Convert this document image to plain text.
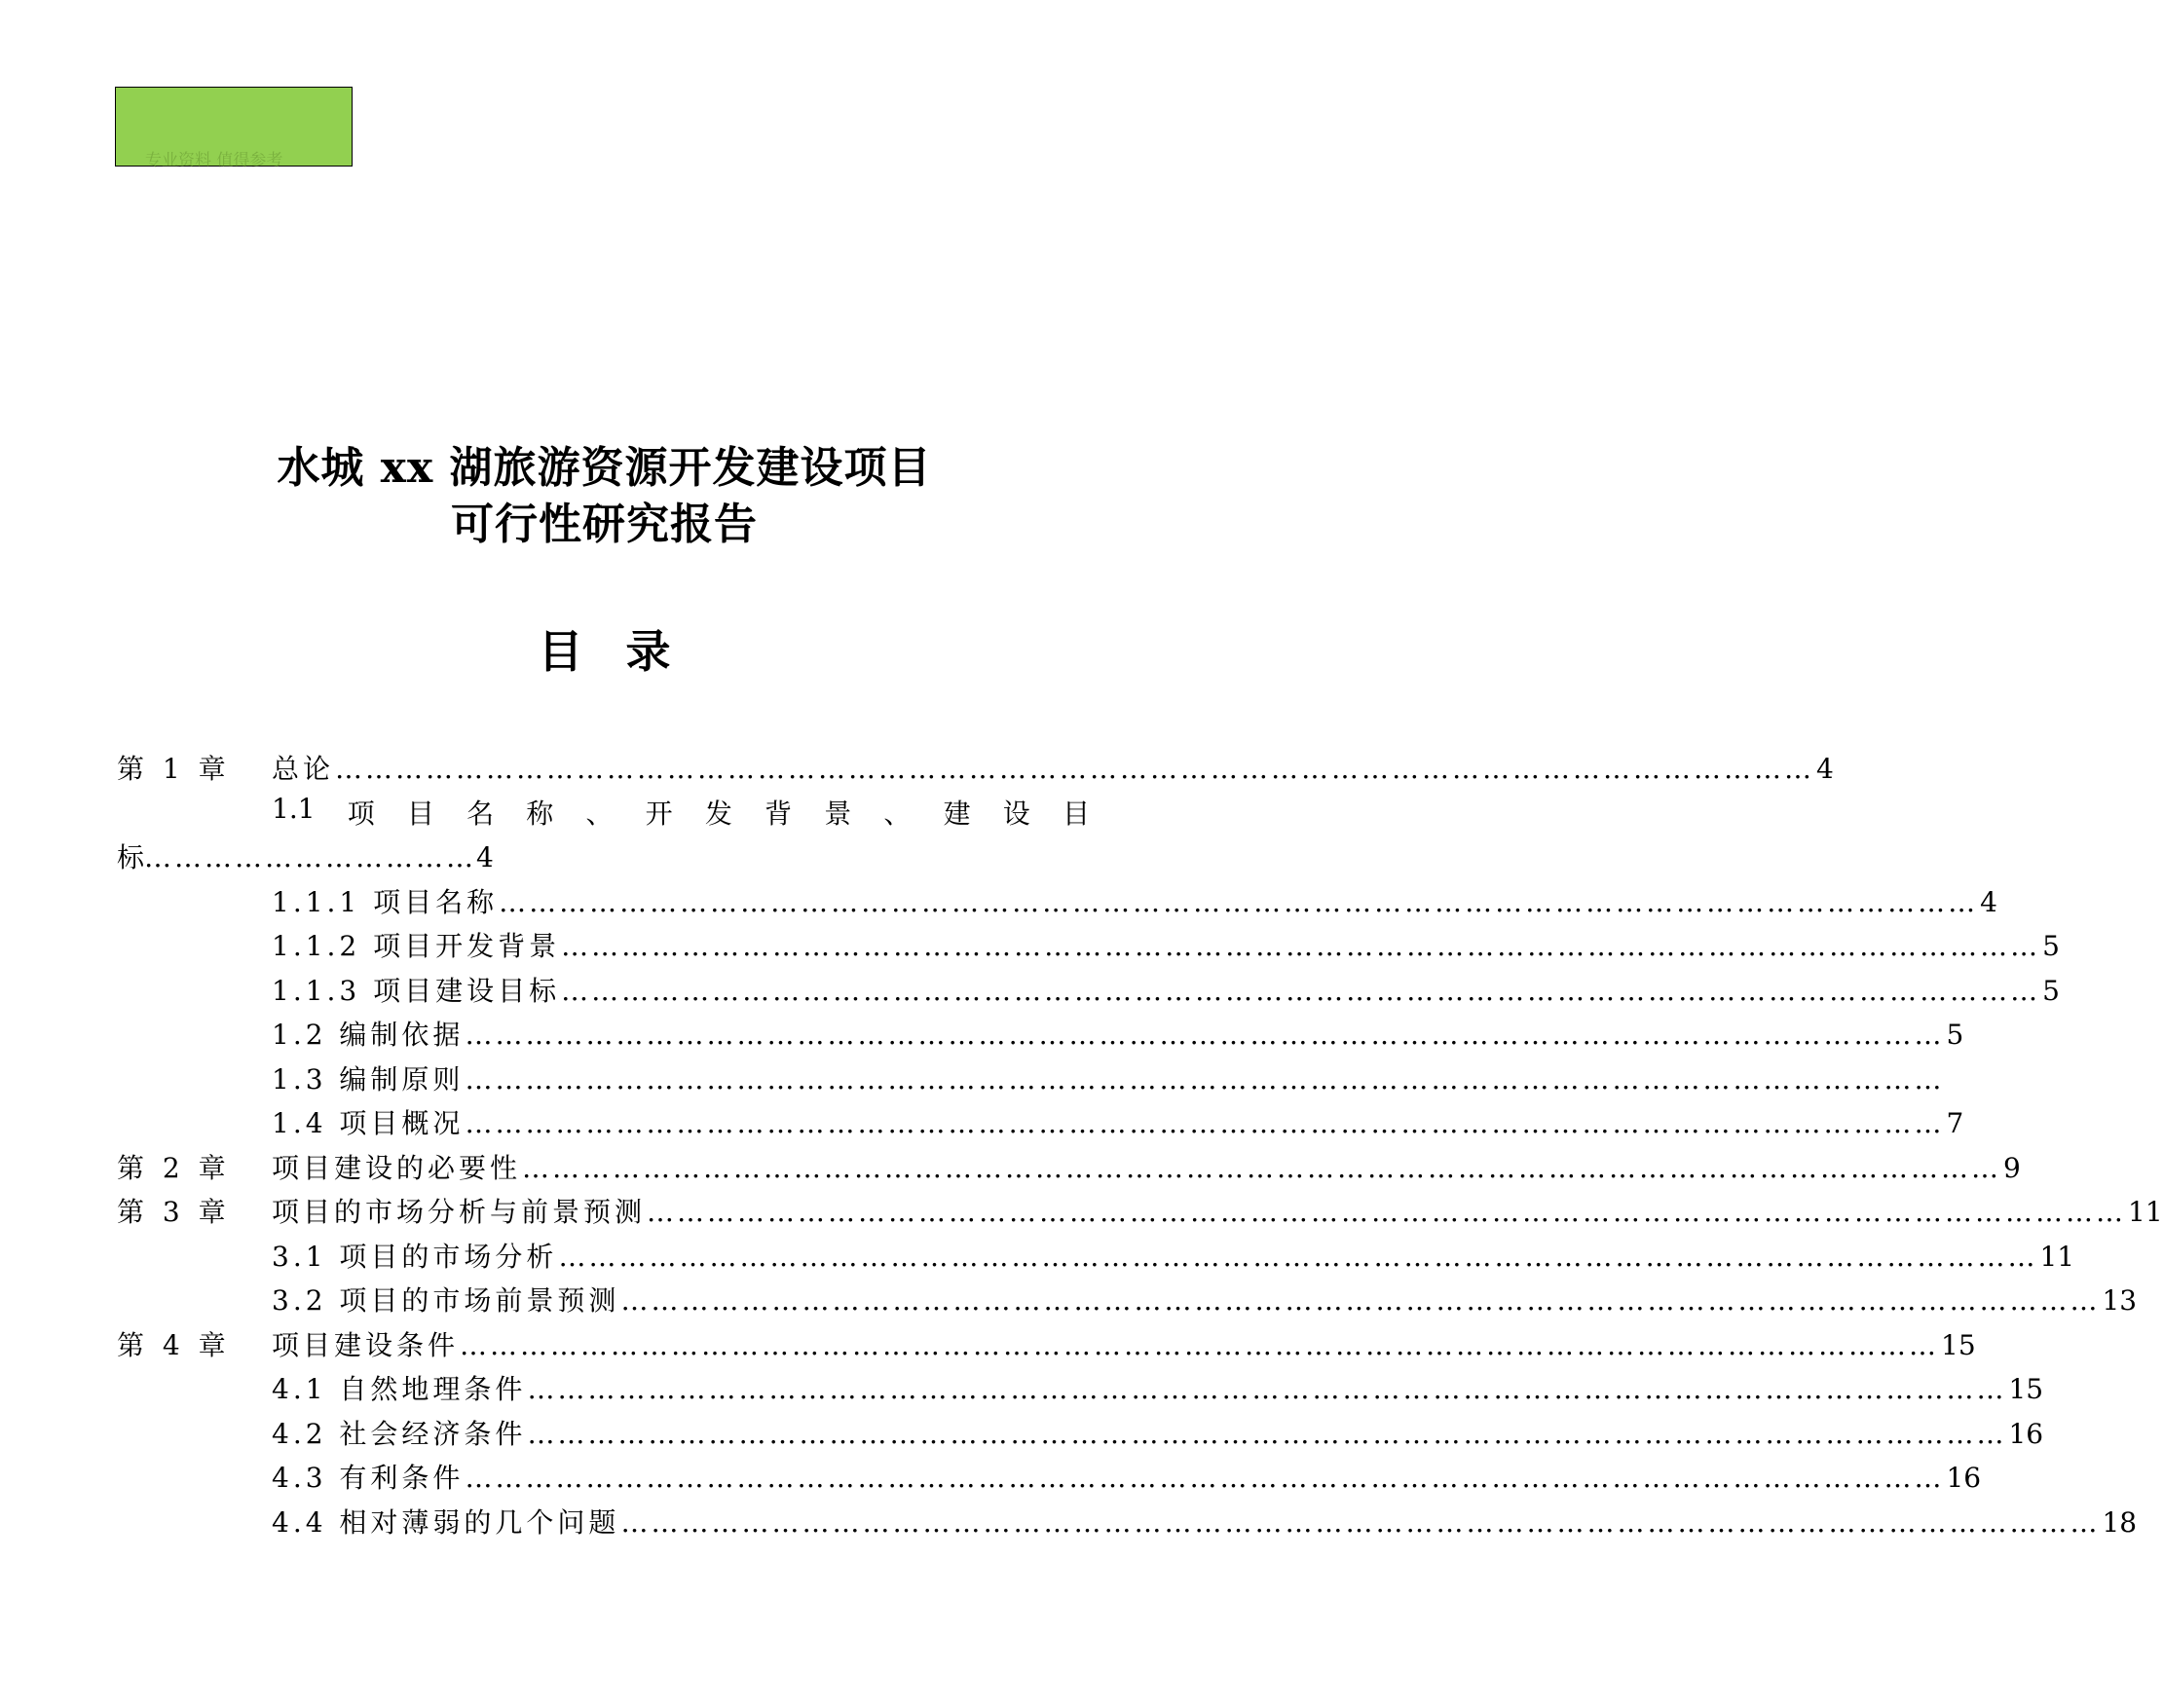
专业资料 值得参考
水城 xx 湖旅游资源开发建设项目
可行性研究报告
目 录
第 1 章 总论 ………………………………………………………………………………………………………………………………… 4
1.1 项 目 名 称 、 开 发 背 景 、 建 设 目
标 …………………………… 4
1.1.1 项目名称 ………………………………………………………………………………………………………………………………… 4
1.1.2 项目开发背景 ………………………………………………………………………………………………………………………………… 5
1.1.3 项目建设目标 ………………………………………………………………………………………………………………………………… 5
1.2 编制依据 ………………………………………………………………………………………………………………………………… 5
1.3 编制原则 …………………………………………………………………………………………………………………………………
1.4 项目概况 ………………………………………………………………………………………………………………………………… 7
第 2 章 项目建设的必要性 ………………………………………………………………………………………………………………………………… 9
第 3 章 项目的市场分析与前景预测 ………………………………………………………………………………………………………………………………… 11
3.1 项目的市场分析 ………………………………………………………………………………………………………………………………… 11
3.2 项目的市场前景预测 ………………………………………………………………………………………………………………………………… 13
第 4 章 项目建设条件 ………………………………………………………………………………………………………………………………… 15
4.1 自然地理条件 ………………………………………………………………………………………………………………………………… 15
4.2 社会经济条件 ………………………………………………………………………………………………………………………………… 16
4.3 有利条件 ………………………………………………………………………………………………………………………………… 16
4.4 相对薄弱的几个问题 ………………………………………………………………………………………………………………………………… 18
